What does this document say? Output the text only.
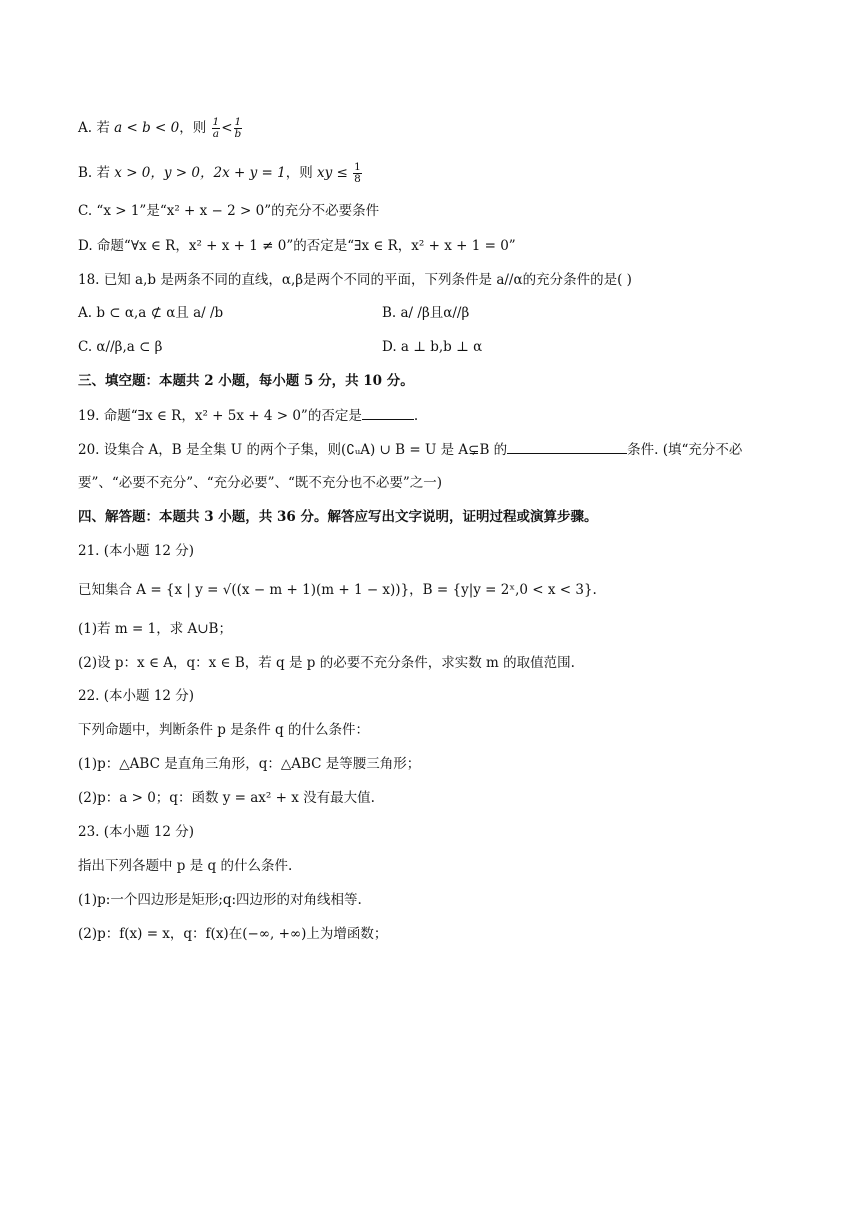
A. 若 a < b < 0，则 $\frac{1}{a} < \frac{1}{b}$
B. 若 x > 0，y > 0，2x + y = 1，则 xy ≤ $\frac{1}{8}$
C. “x > 1”是“x² + x − 2 > 0”的充分不必要条件
D. 命题“∀x ∈ R，x² + x + 1 ≠ 0”的否定是“∃x ∈ R，x² + x + 1 = 0”
18. 已知 a,b 是两条不同的直线，α,β是两个不同的平面，下列条件是 a//α的充分条件的是( )
A. b ⊂ α,a ⊄ α且 a/ /b	B. a/ /β且α//β
C. α//β,a ⊂ β	D. a ⊥ b,b ⊥ α
三、填空题：本题共 2 小题，每小题 5 分，共 10 分。
19. 命题“∃x ∈ R，x² + 5x + 4 > 0”的否定是	.
20. 设集合 A，B 是全集 U 的两个子集，则(∁ᵤA) ∪ B = U 是 A⊊B 的	条件. (填“充分不必
要”、“必要不充分”、“充分必要”、“既不充分也不必要”之一)
四、解答题：本题共 3 小题，共 36 分。解答应写出文字说明，证明过程或演算步骤。
21. (本小题 12 分)
已知集合 A = {x | y = √((x − m + 1)(m + 1 − x))}，B = {y|y = 2ˣ,0 < x < 3}.
(1)若 m = 1，求 A∪B；
(2)设 p：x ∈ A，q：x ∈ B，若 q 是 p 的必要不充分条件，求实数 m 的取值范围.
22. (本小题 12 分)
下列命题中，判断条件 p 是条件 q 的什么条件：
(1)p：△ABC 是直角三角形，q：△ABC 是等腰三角形；
(2)p：a > 0；q：函数 y = ax² + x 没有最大值.
23. (本小题 12 分)
指出下列各题中 p 是 q 的什么条件.
(1)p:一个四边形是矩形;q:四边形的对角线相等.
(2)p：f(x) = x，q：f(x)在(−∞, +∞)上为增函数；
